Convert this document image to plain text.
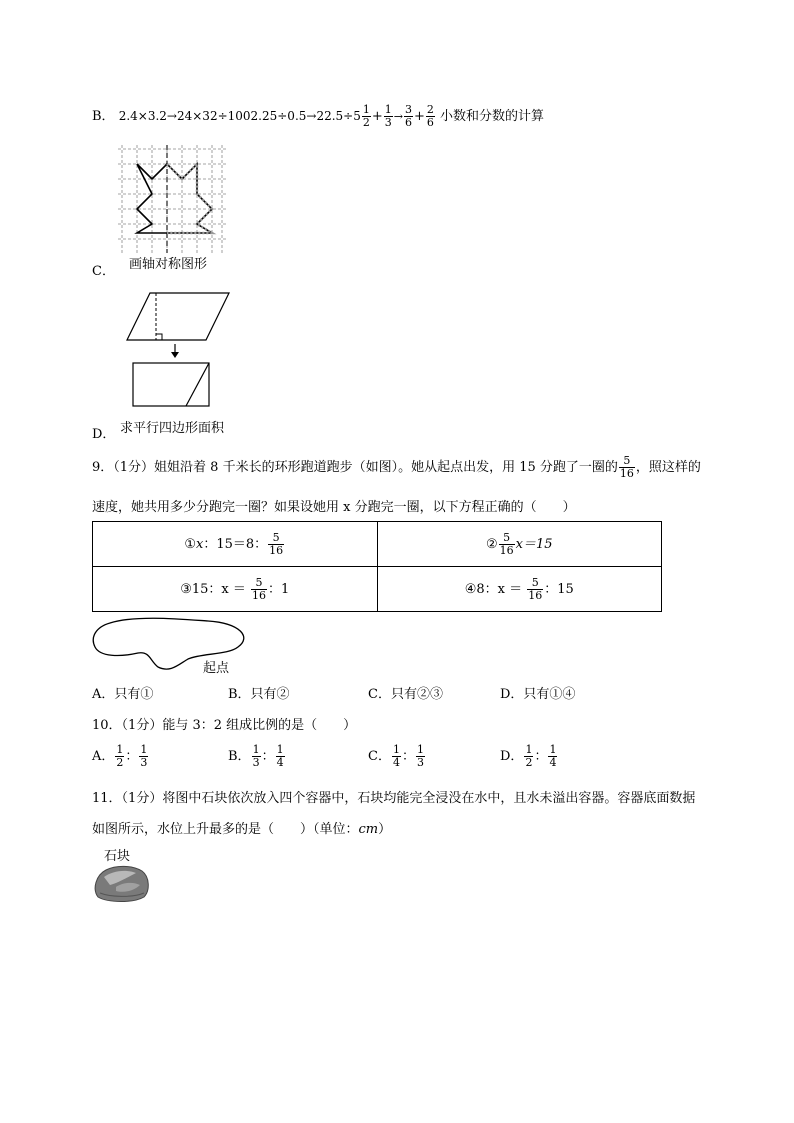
B． $2.4\times 3.2\to 24\times 32\div 1002.25\div 0.5\to 22.5\div 5 \frac{1}{2} + \frac{1}{3} \to \frac{3}{6} + \frac{2}{6}$ 小数和分数的计算
C． 画轴对称图形
D． 求平行四边形面积
9．（1分）姐姐沿着 8 千米长的环形跑道跑步（如图）。她从起点出发，用 15 分跑了一圈的 $\frac{5}{16}$ ，照这样的
速度，她共用多少分跑完一圈？如果设她用 x 分跑完一圈，以下方程正确的（　　）
①x：15＝8： $\frac{5}{16}$	② $\frac{5}{16} x=15$
③15：$x = \frac{5}{16}$ ：1	④8：$x = \frac{5}{16}$ ：15
起点
A．只有①	B．只有②	C．只有②③	D．只有①④
10．（1分）能与 3：2 组成比例的是（　　）
A． $\frac{1}{2}$ ： $\frac{1}{3}$	B． $\frac{1}{3}$ ： $\frac{1}{4}$	C． $\frac{1}{4}$ ： $\frac{1}{3}$	D． $\frac{1}{2}$ ： $\frac{1}{4}$
11．（1分）将图中石块依次放入四个容器中，石块均能完全浸没在水中，且水未溢出容器。容器底面数据
如图所示，水位上升最多的是（　　）（单位：cm）
石块
